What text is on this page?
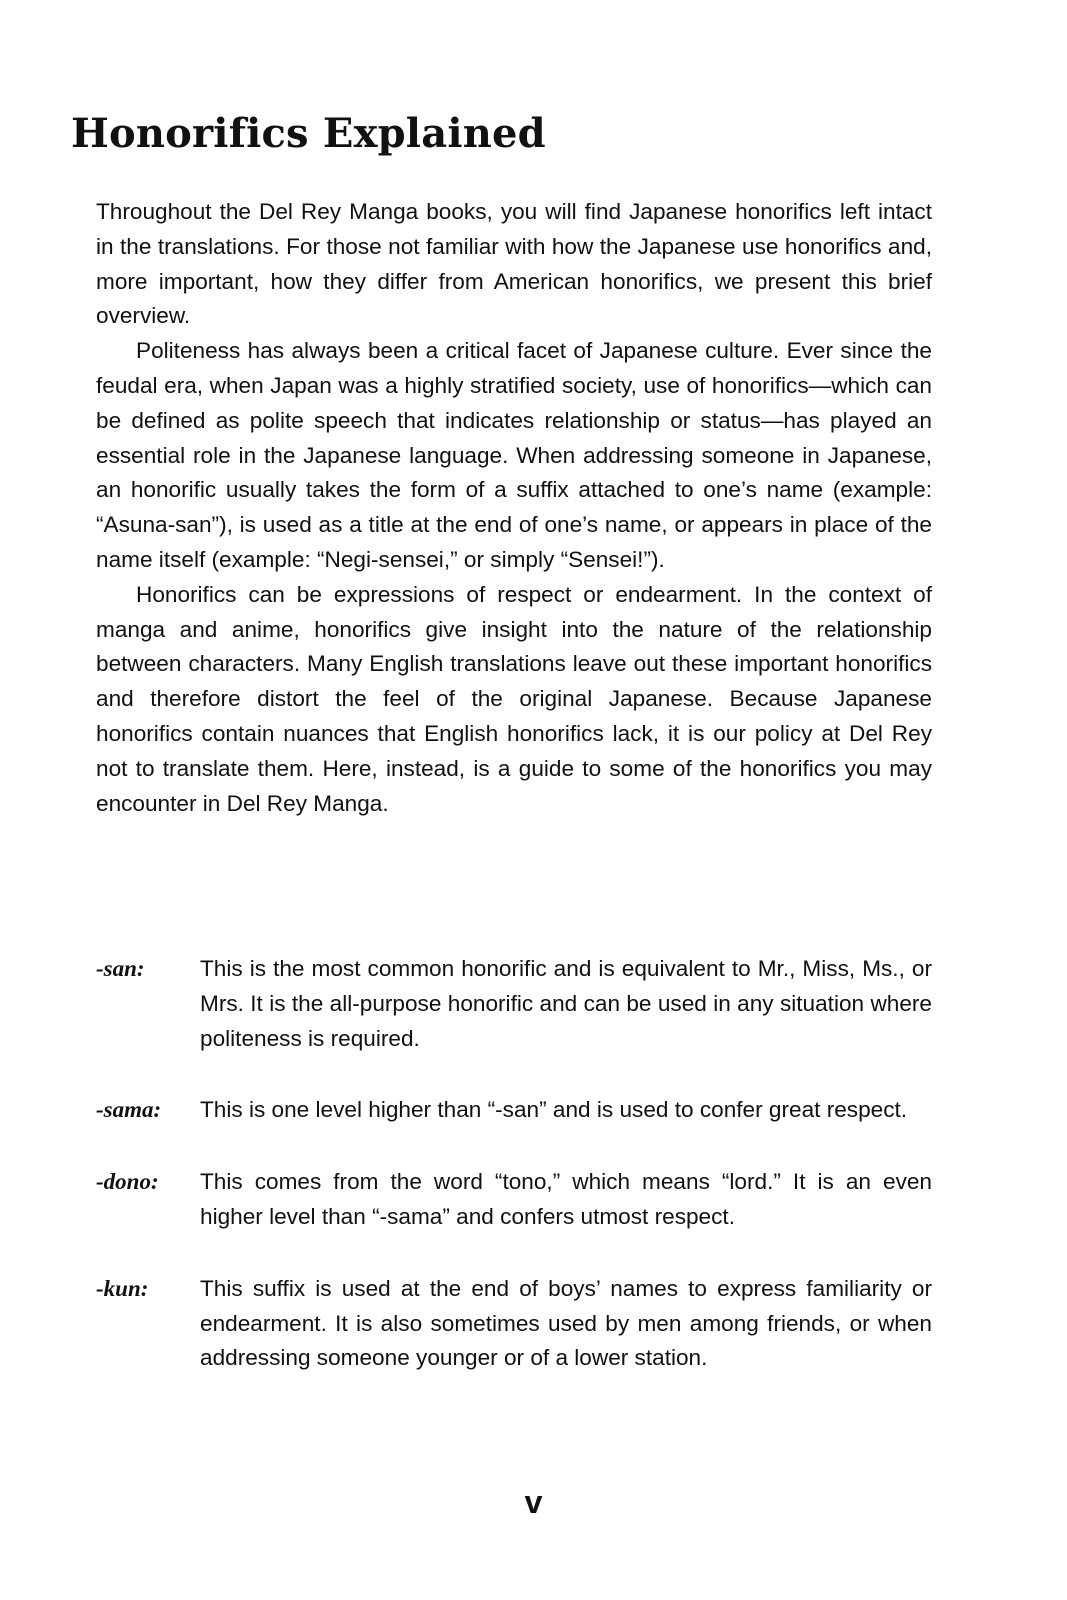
Honorifics Explained

Throughout the Del Rey Manga books, you will find Japanese honorifics left intact in the translations. For those not familiar with how the Japanese use honorifics and, more important, how they differ from American honorifics, we present this brief overview.

Politeness has always been a critical facet of Japanese culture. Ever since the feudal era, when Japan was a highly stratified society, use of honorifics—which can be defined as polite speech that indicates relationship or status—has played an essential role in the Japanese language. When addressing someone in Japanese, an honorific usually takes the form of a suffix attached to one’s name (example: “Asuna-san”), is used as a title at the end of one’s name, or appears in place of the name itself (example: “Negi-sensei,” or simply “Sensei!”).

Honorifics can be expressions of respect or endearment. In the context of manga and anime, honorifics give insight into the nature of the relationship between characters. Many English translations leave out these important honorifics and therefore distort the feel of the original Japanese. Because Japanese honorifics contain nuances that English honorifics lack, it is our policy at Del Rey not to translate them. Here, instead, is a guide to some of the honorifics you may encounter in Del Rey Manga.

-san:	This is the most common honorific and is equivalent to Mr., Miss, Ms., or Mrs. It is the all-purpose honorific and can be used in any situation where politeness is required.
-sama:	This is one level higher than “-san” and is used to confer great respect.
-dono:	This comes from the word “tono,” which means “lord.” It is an even higher level than “-sama” and confers utmost respect.
-kun:	This suffix is used at the end of boys’ names to express familiarity or endearment. It is also sometimes used by men among friends, or when addressing someone younger or of a lower station.
v
